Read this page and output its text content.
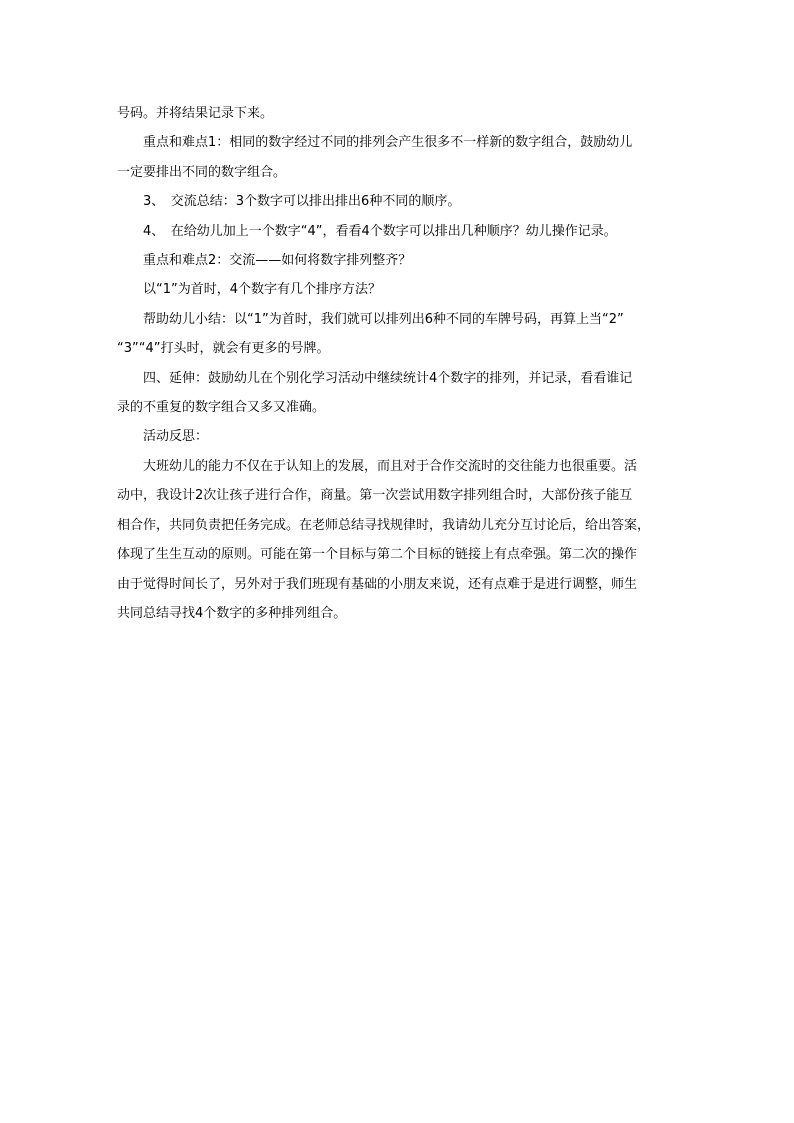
号码。并将结果记录下来。

重点和难点1：相同的数字经过不同的排列会产生很多不一样新的数字组合，鼓励幼儿
一定要排出不同的数字组合。

3、　交流总结：3个数字可以排出排出6种不同的顺序。

4、　在给幼儿加上一个数字“4”，看看4个数字可以排出几种顺序？幼儿操作记录。

重点和难点2：交流——如何将数字排列整齐？

以“1”为首时，4个数字有几个排序方法？

帮助幼儿小结：以“1”为首时，我们就可以排列出6种不同的车牌号码，再算上当“2”
“3”“4”打头时，就会有更多的号牌。

四、延伸：鼓励幼儿在个别化学习活动中继续统计4个数字的排列，并记录，看看谁记
录的不重复的数字组合又多又准确。

活动反思：

大班幼儿的能力不仅在于认知上的发展，而且对于合作交流时的交往能力也很重要。活
动中，我设计2次让孩子进行合作，商量。第一次尝试用数字排列组合时，大部份孩子能互
相合作，共同负责把任务完成。在老师总结寻找规律时，我请幼儿充分互讨论后，给出答案，
体现了生生互动的原则。可能在第一个目标与第二个目标的链接上有点牵强。第二次的操作
由于觉得时间长了，另外对于我们班现有基础的小朋友来说，还有点难于是进行调整，师生
共同总结寻找4个数字的多种排列组合。
